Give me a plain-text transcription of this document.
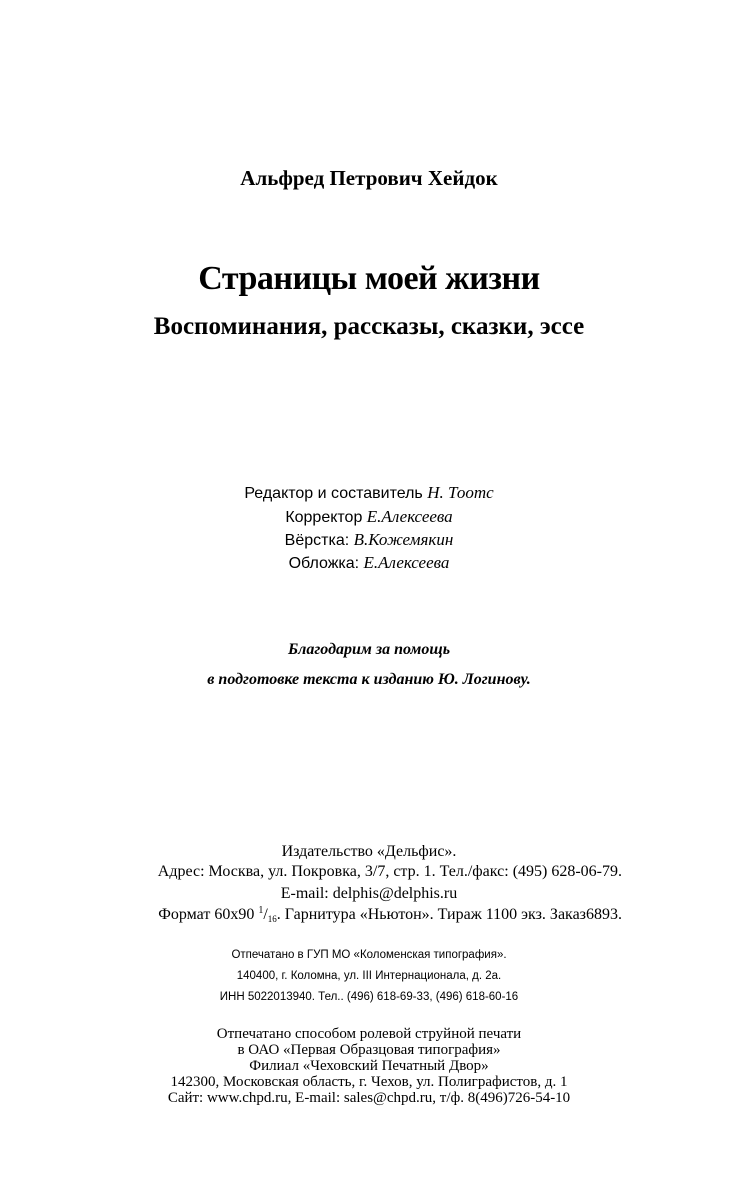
Альфред Петрович Хейдок
Страницы моей жизни
Воспоминания, рассказы, сказки, эссе
Редактор и составитель Н. Тоотс
Корректор Е.Алексеева
Вёрстка: В.Кожемякин
Обложка: Е.Алексеева
Благодарим за помощь
в подготовке текста к изданию Ю. Логинову.
Издательство «Дельфис».
Адрес: Москва, ул. Покровка, 3/7, стр. 1. Тел./факс: (495) 628-06-79.
E-mail: delphis@delphis.ru
Формат 60x90 $^1/_{16}$. Гарнитура «Ньютон». Тираж 1100 экз. Заказ6893.
Отпечатано в ГУП МО «Коломенская типография».
140400, г. Коломна, ул. III Интернационала, д. 2а.
ИНН 5022013940. Тел.. (496) 618-69-33, (496) 618-60-16
Отпечатано способом ролевой струйной печати
в ОАО «Первая Образцовая типография»
Филиал «Чеховский Печатный Двор»
142300, Московская область, г. Чехов, ул. Полиграфистов, д. 1
Сайт: www.chpd.ru, E-mail: sales@chpd.ru, т/ф. 8(496)726-54-10
